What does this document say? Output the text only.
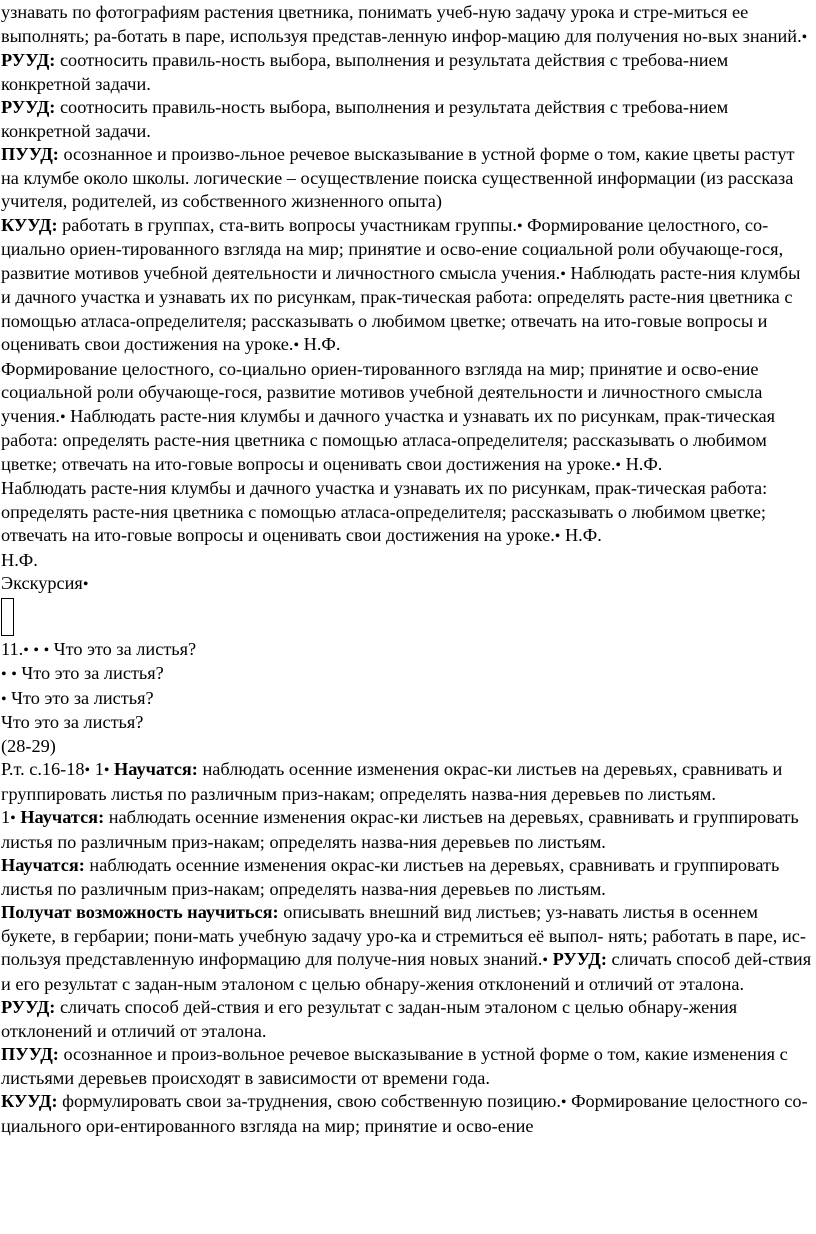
узнавать по фотографиям растения цветника, понимать учеб-ную задачу урока и стре-миться ее выполнять; ра-ботать в паре, используя представ-ленную инфор-мацию для получения но-вых знаний.• РУУД: соотносить правиль-ность выбора, выполнения и результата действия с требова-нием конкретной задачи.

РУУД: соотносить правиль-ность выбора, выполнения и результата действия с требова-нием конкретной задачи.

ПУУД: осознанное и произво-льное речевое высказывание в устной форме о том, какие цветы растут на клумбе около школы. логические – осуществление поиска существенной информации (из рассказа учителя, родителей, из собственного жизненного опыта)

КУУД: работать в группах, ста-вить вопросы участникам группы.• Формирование целостного, со-циально ориен-тированного взгляда на мир; принятие и осво-ение социальной роли обучающе-гося, развитие мотивов учебной деятельности и личностного смысла учения.• Наблюдать расте-ния клумбы и дачного участка и узнавать их по рисункам, прак-тическая работа: определять расте-ния цветника с помощью атласа-определителя; рассказывать о любимом цветке; отвечать на ито-говые вопросы и оценивать свои достижения на уроке.• Н.Ф.

Формирование целостного, со-циально ориен-тированного взгляда на мир; принятие и осво-ение социальной роли обучающе-гося, развитие мотивов учебной деятельности и личностного смысла учения.• Наблюдать расте-ния клумбы и дачного участка и узнавать их по рисункам, прак-тическая работа: определять расте-ния цветника с помощью атласа-определителя; рассказывать о любимом цветке; отвечать на ито-говые вопросы и оценивать свои достижения на уроке.• Н.Ф.

Наблюдать расте-ния клумбы и дачного участка и узнавать их по рисункам, прак-тическая работа: определять расте-ния цветника с помощью атласа-определителя; рассказывать о любимом цветке; отвечать на ито-говые вопросы и оценивать свои достижения на уроке.• Н.Ф.

Н.Ф.

Экскурсия•

11.• • • Что это за листья?

• • Что это за листья?

• Что это за листья?

Что это за листья?

(28-29)

Р.т. с.16-18• 1• Научатся: наблюдать осенние изменения окрас-ки листьев на деревьях, сравнивать и группировать листья по различным приз-накам; определять назва-ния деревьев по листьям.

1• Научатся: наблюдать осенние изменения окрас-ки листьев на деревьях, сравнивать и группировать листья по различным приз-накам; определять назва-ния деревьев по листьям.

Научатся: наблюдать осенние изменения окрас-ки листьев на деревьях, сравнивать и группировать листья по различным приз-накам; определять назва-ния деревьев по листьям.

Получат возможность научиться: описывать внешний вид листьев; уз-навать листья в осеннем букете, в гербарии; пони-мать учебную задачу уро-ка и стремиться её выпол- нять; работать в паре, ис-пользуя представленную информацию для получе-ния новых знаний.• РУУД: сличать способ дей-ствия и его результат с задан-ным эталоном с целью обнару-жения отклонений и отличий от эталона.

РУУД: сличать способ дей-ствия и его результат с задан-ным эталоном с целью обнару-жения отклонений и отличий от эталона.

ПУУД: осознанное и произ-вольное речевое высказывание в устной форме о том, какие изменения с листьями деревьев происходят в зависимости от времени года.

КУУД: формулировать свои за-труднения, свою собственную позицию.• Формирование целостного со-циального ори-ентированного взгляда на мир; принятие и осво-ение
